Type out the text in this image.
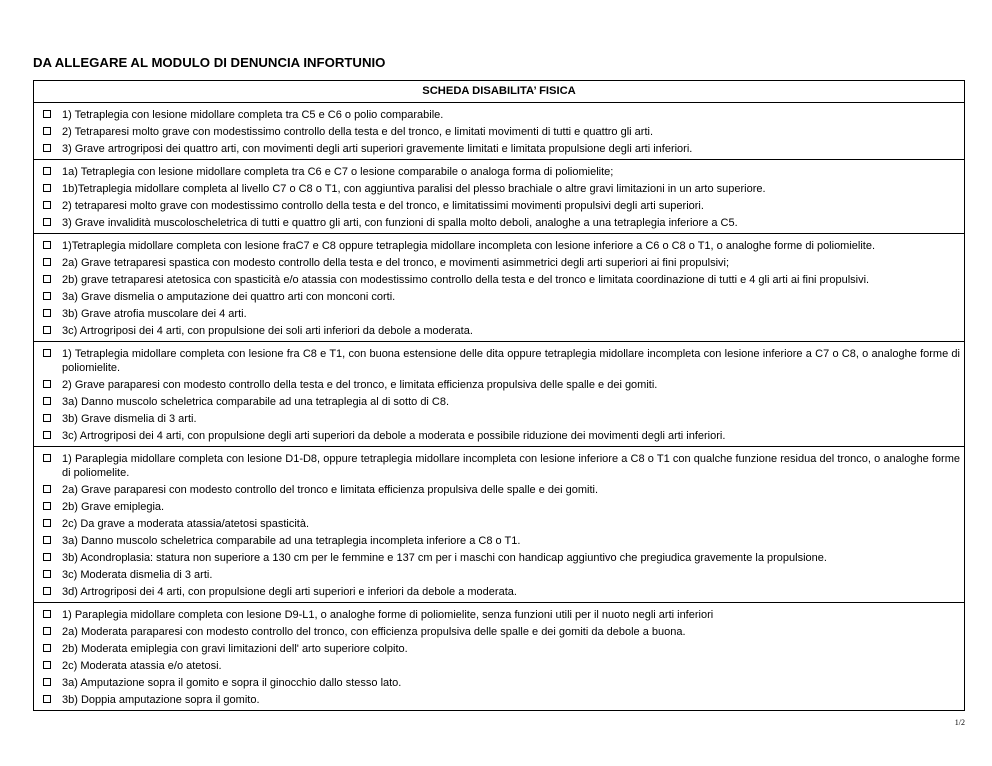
DA ALLEGARE AL MODULO DI DENUNCIA INFORTUNIO
SCHEDA DISABILITA’ FISICA
1) Tetraplegia con lesione midollare completa tra C5 e C6 o polio comparabile.
2) Tetraparesi molto grave con modestissimo controllo della testa e del tronco, e limitati movimenti di tutti e quattro gli arti.
3) Grave artrogriposi dei quattro arti, con movimenti degli arti superiori gravemente limitati e limitata propulsione degli arti inferiori.
1a) Tetraplegia con lesione midollare completa tra C6 e C7 o lesione comparabile o analoga forma di poliomielite;
1b)Tetraplegia midollare completa al livello C7 o C8 o T1, con aggiuntiva paralisi del plesso brachiale o altre gravi limitazioni in un arto superiore.
2) tetraparesi molto grave con modestissimo controllo della testa e del tronco, e limitatissimi movimenti propulsivi degli arti superiori.
3) Grave invalidità muscoloscheletrica di tutti e quattro gli arti, con funzioni di spalla molto deboli, analoghe a una tetraplegia inferiore a C5.
1)Tetraplegia midollare completa con lesione fraC7 e C8 oppure tetraplegia midollare incompleta con lesione inferiore a C6 o C8 o T1, o analoghe forme di poliomielite.
2a) Grave tetraparesi spastica con modesto controllo della testa e del tronco, e movimenti asimmetrici degli arti superiori ai fini propulsivi;
2b) grave tetraparesi atetosica con spasticità e/o atassia con modestissimo controllo della testa e del tronco e limitata coordinazione di tutti e 4 gli arti ai fini propulsivi.
3a) Grave dismelia o amputazione dei quattro arti con monconi corti.
3b) Grave atrofia muscolare dei 4 arti.
3c) Artrogriposi dei 4 arti, con propulsione dei soli arti inferiori da debole a moderata.
1) Tetraplegia midollare completa con lesione fra C8 e T1, con buona estensione delle dita oppure tetraplegia midollare incompleta con lesione inferiore a C7 o C8, o analoghe forme di poliomielite.
2) Grave paraparesi con modesto controllo della testa e del tronco, e limitata efficienza propulsiva delle spalle e dei gomiti.
3a) Danno muscolo scheletrica comparabile ad una tetraplegia al di sotto di C8.
3b) Grave dismelia di 3 arti.
3c) Artrogriposi dei 4 arti, con propulsione degli arti superiori da debole a moderata e possibile riduzione dei movimenti degli arti inferiori.
1) Paraplegia midollare completa con lesione D1-D8, oppure tetraplegia midollare incompleta con lesione inferiore a C8 o T1 con qualche funzione residua del tronco, o analoghe forme di poliomelite.
2a) Grave paraparesi con modesto controllo del tronco e limitata efficienza propulsiva delle spalle e dei gomiti.
2b) Grave emiplegia.
2c) Da grave a moderata atassia/atetosi spasticità.
3a) Danno muscolo scheletrica comparabile ad una tetraplegia incompleta inferiore a C8 o T1.
3b) Acondroplasia: statura non superiore a 130 cm per le femmine e 137 cm per i maschi con handicap aggiuntivo che pregiudica gravemente la propulsione.
3c) Moderata dismelia di 3 arti.
3d) Artrogriposi dei 4 arti, con propulsione degli arti superiori e inferiori da debole a moderata.
1) Paraplegia midollare completa con lesione D9-L1, o analoghe forme di poliomielite, senza funzioni utili per il nuoto negli arti inferiori
2a) Moderata paraparesi con modesto controllo del tronco, con efficienza propulsiva delle spalle e dei gomiti da debole a buona.
2b) Moderata emiplegia con gravi limitazioni dell' arto superiore colpito.
2c) Moderata atassia e/o atetosi.
3a) Amputazione sopra il gomito e sopra il ginocchio dallo stesso lato.
3b) Doppia amputazione sopra il gomito.
1/2
